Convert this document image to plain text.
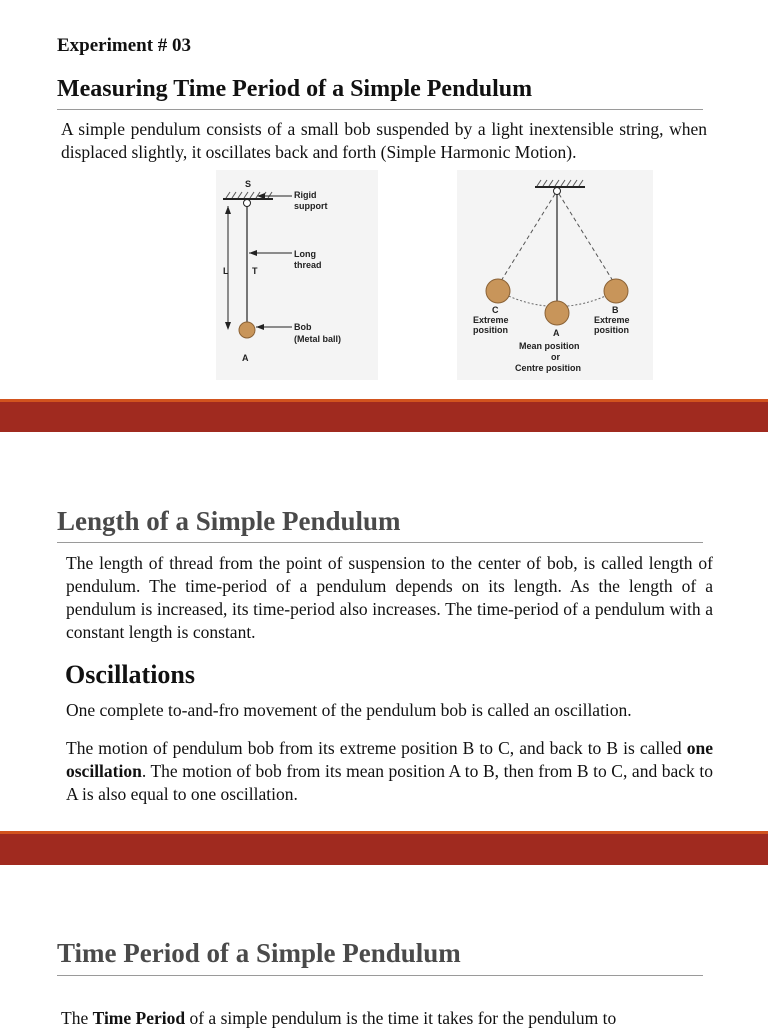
Experiment # 03
Measuring Time Period of a Simple Pendulum
A simple pendulum consists of a small bob suspended by a light inextensible string, when displaced slightly, it oscillates back and forth (Simple Harmonic Motion).
S
L	T
Rigid
support
Long
thread
Bob
(Metal ball)
A
C
Extreme
position
B
Extreme
position
A
Mean position
or
Centre position
Length of a Simple Pendulum
The length of thread from the point of suspension to the center of bob, is called length of pendulum. The time-period of a pendulum depends on its length. As the length of a pendulum is increased, its time-period also increases. The time-period of a pendulum with a constant length is constant.
Oscillations
One complete to-and-fro movement of the pendulum bob is called an oscillation.
The motion of pendulum bob from its extreme position B to C, and back to B is called one oscillation. The motion of bob from its mean position A to B, then from B to C, and back to A is also equal to one oscillation.
Time Period of a Simple Pendulum
The Time Period of a simple pendulum is the time it takes for the pendulum to
